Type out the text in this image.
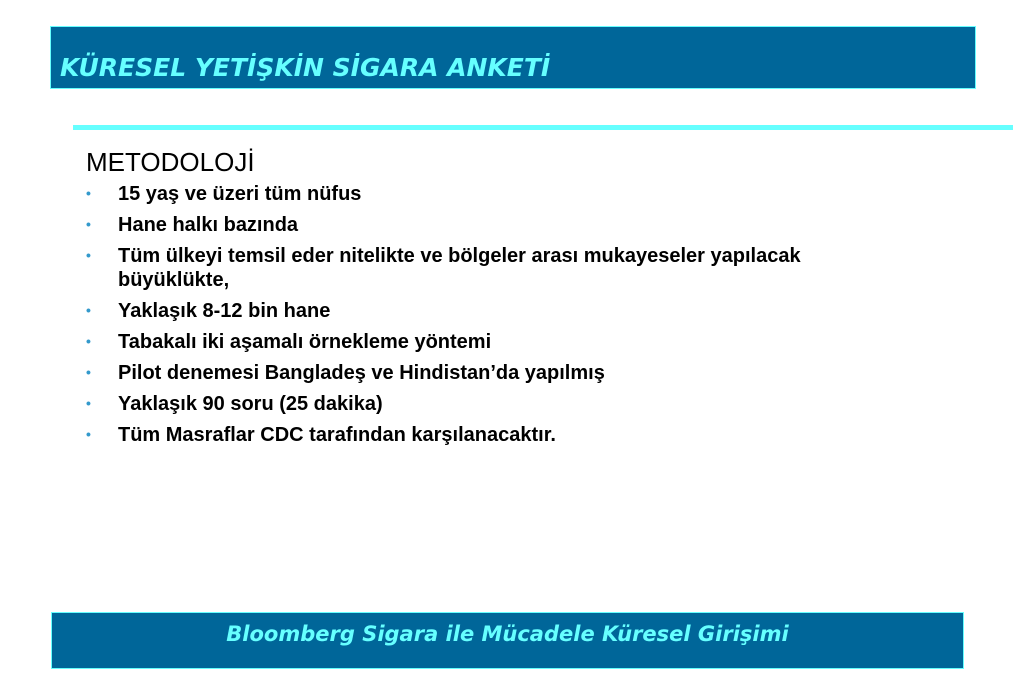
KÜRESEL YETİŞKİN SİGARA ANKETİ
METODOLOJİ
• 15 yaş ve üzeri tüm nüfus
• Hane halkı bazında
• Tüm ülkeyi temsil eder nitelikte ve bölgeler arası mukayeseler yapılacak büyüklükte,
• Yaklaşık 8-12 bin hane
• Tabakalı iki aşamalı örnekleme yöntemi
• Pilot denemesi Bangladeş ve Hindistan’da yapılmış
• Yaklaşık 90 soru (25 dakika)
• Tüm Masraflar CDC tarafından karşılanacaktır.
Bloomberg Sigara ile Mücadele Küresel Girişimi
